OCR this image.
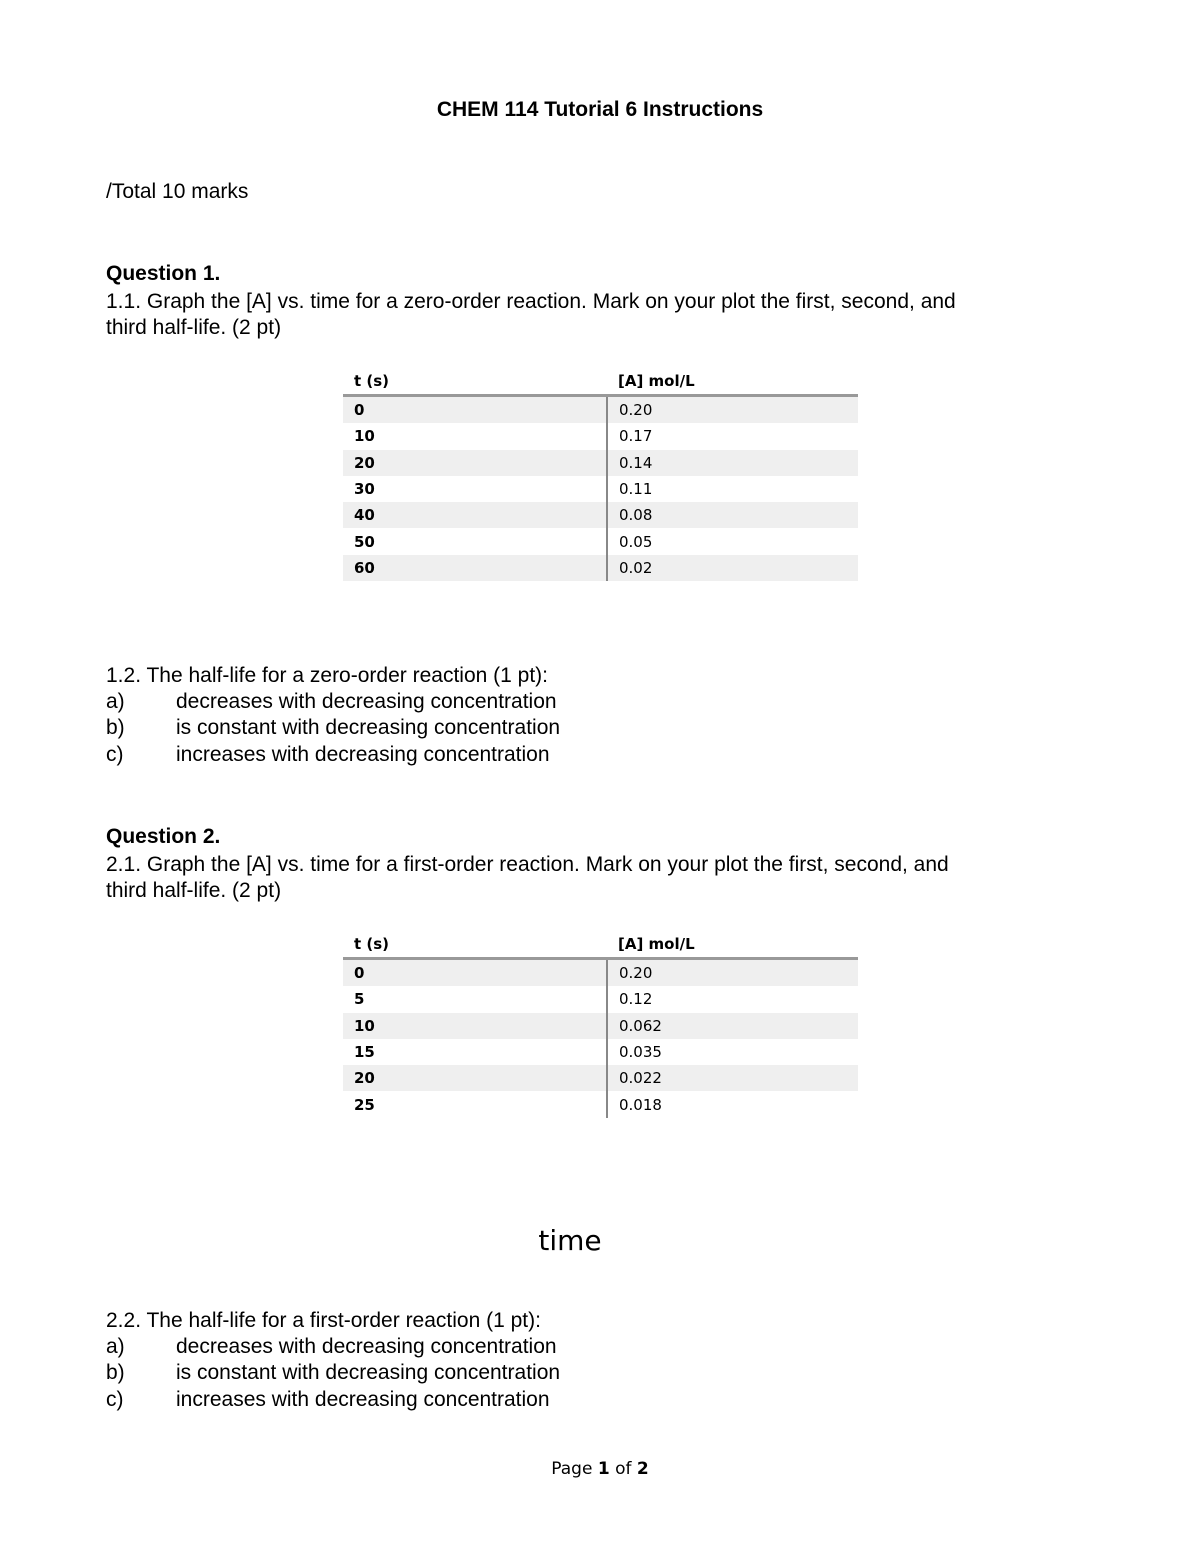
CHEM 114 Tutorial 6 Instructions
/Total 10 marks
Question 1.
1.1. Graph the [A] vs. time for a zero-order reaction. Mark on your plot the first, second, and
third half-life. (2 pt)
t (s)	[A] mol/L
0	0.20
10	0.17
20	0.14
30	0.11
40	0.08
50	0.05
60	0.02
1.2. The half-life for a zero-order reaction (1 pt):
a) decreases with decreasing concentration
b) is constant with decreasing concentration
c)	increases with decreasing concentration
Question 2.
2.1. Graph the [A] vs. time for a first-order reaction. Mark on your plot the first, second, and
third half-life. (2 pt)
t (s)	[A] mol/L
0	0.20
5	0.12
10	0.062
15	0.035
20	0.022
25	0.018
time
2.2. The half-life for a first-order reaction (1 pt):
a) decreases with decreasing concentration
b) is constant with decreasing concentration
c)	increases with decreasing concentration
Page 1 of 2
